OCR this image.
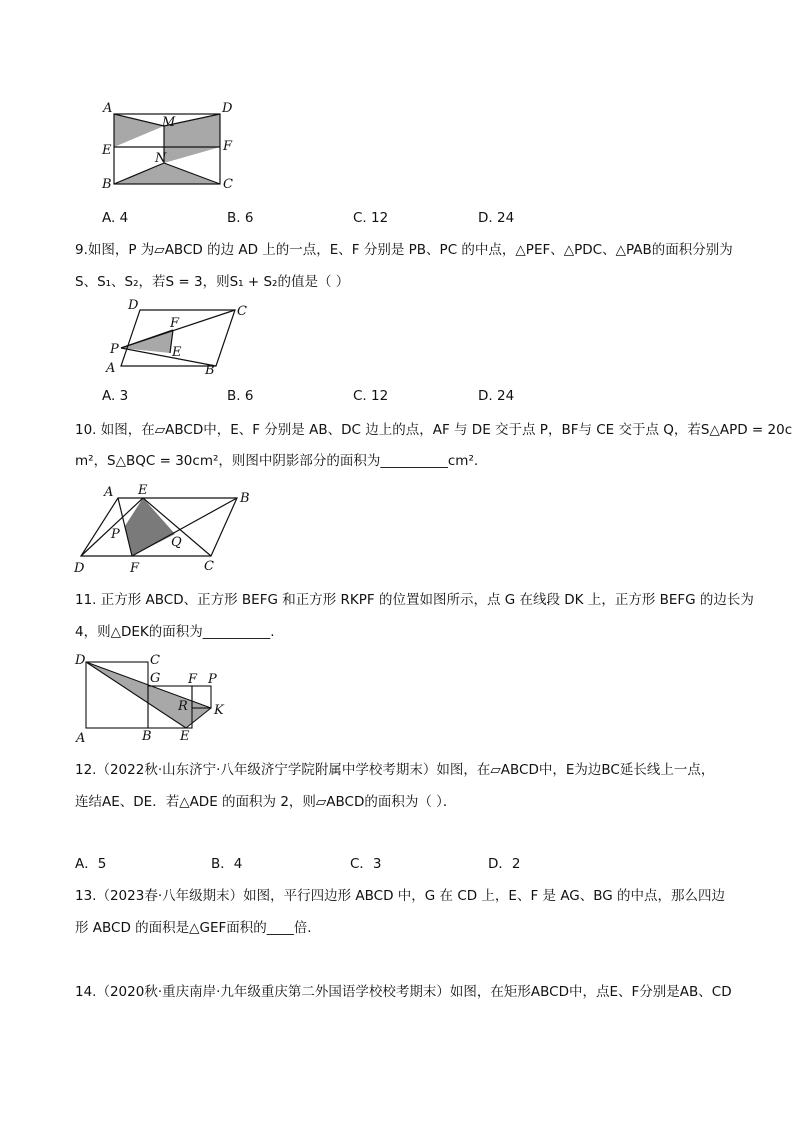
A	D
M
E	F
N
B	C
A. 4	B. 6	C. 12	D. 24
9.如图，P 为▱ABCD 的边 AD 上的一点，E、F 分别是 PB、PC 的中点，△PEF、△PDC、△PAB的面积分别为
S、S₁、S₂，若S = 3，则S₁ + S₂的值是（ ）
D	C
F
P	E
A	B
A. 3	B. 6	C. 12	D. 24
10. 如图，在▱ABCD中，E、F 分别是 AB、DC 边上的点，AF 与 DE 交于点 P，BF与 CE 交于点 Q，若S△APD = 20c
m²，S△BQC = 30cm²，则图中阴影部分的面积为__________cm².
A E
B
P
Q
D	F	C
11. 正方形 ABCD、正方形 BEFG 和正方形 RKPF 的位置如图所示，点 G 在线段 DK 上，正方形 BEFG 的边长为
4，则△DEK的面积为__________.
D	C
G F P
R K
A	B E
12.（2022秋·山东济宁·八年级济宁学院附属中学校考期末）如图，在▱ABCD中，E为边BC延长线上一点，
连结AE、DE．若△ADE 的面积为 2，则▱ABCD的面积为（ ）．
A．5	B．4	C．3	D．2
13.（2023春·八年级期末）如图，平行四边形 ABCD 中，G 在 CD 上，E、F 是 AG、BG 的中点，那么四边
形 ABCD 的面积是△GEF面积的____倍.
14.（2020秋·重庆南岸·九年级重庆第二外国语学校校考期末）如图，在矩形ABCD中，点E、F分别是AB、CD
